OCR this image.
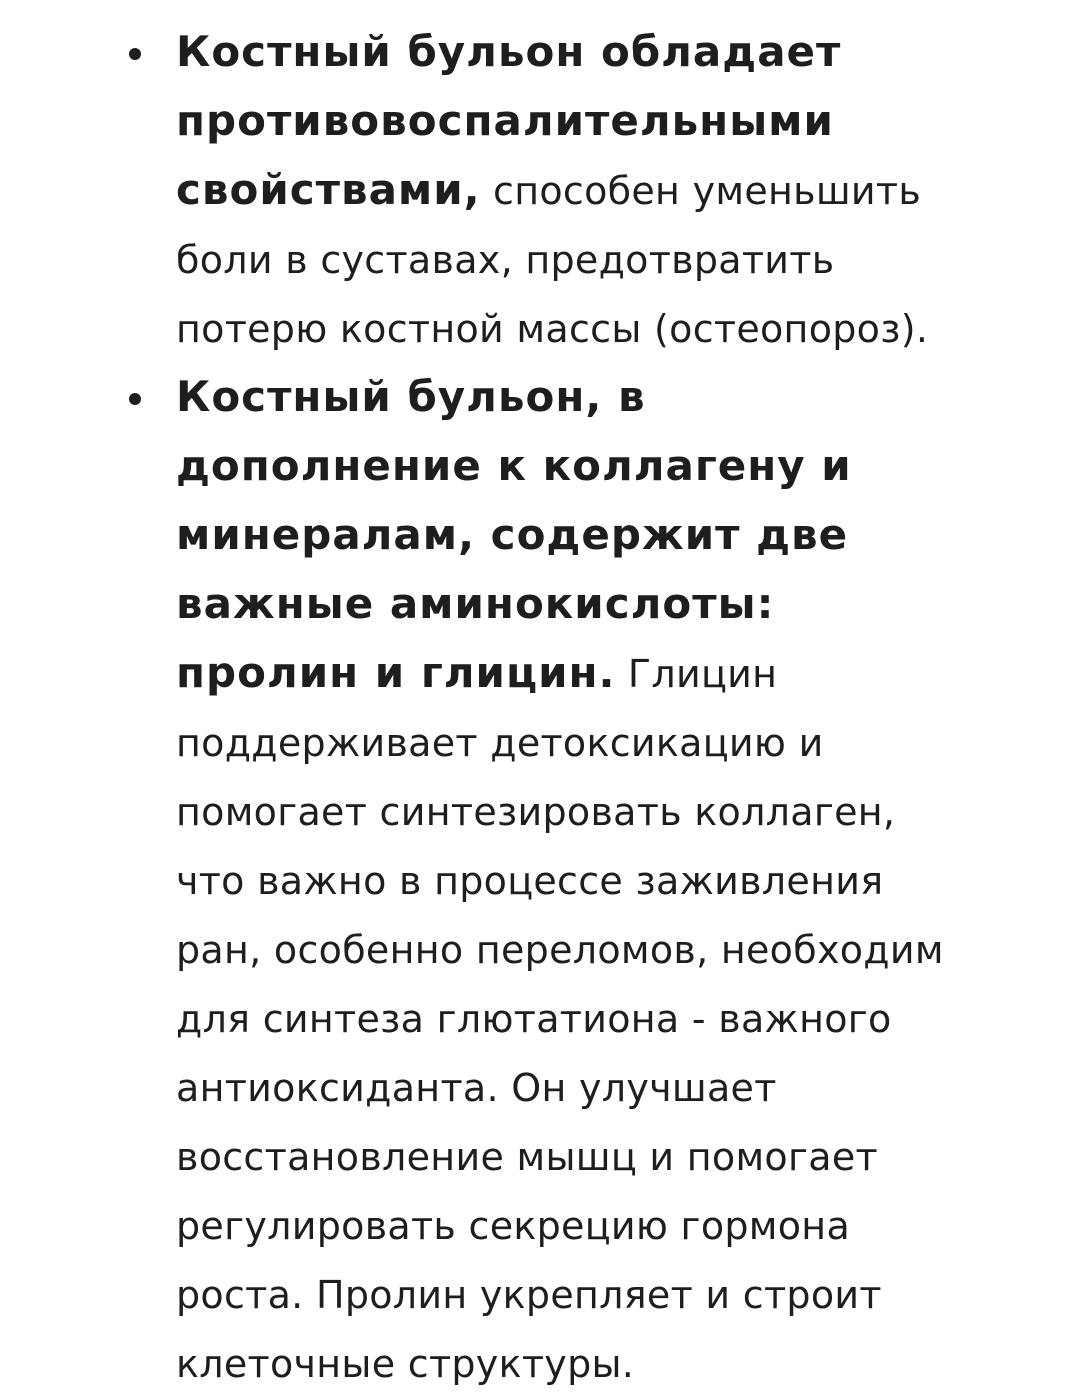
Костный бульон обладает
противовоспалительными
свойствами, способен уменьшить
боли в суставах, предотвратить
потерю костной массы (остеопороз).
Костный бульон, в
дополнение к коллагену и
минералам, содержит две
важные аминокислоты:
пролин и глицин. Глицин
поддерживает детоксикацию и
помогает синтезировать коллаген,
что важно в процессе заживления
ран, особенно переломов, необходим
для синтеза глютатиона - важного
антиоксиданта. Он улучшает
восстановление мышц и помогает
регулировать секрецию гормона
роста. Пролин укрепляет и строит
клеточные структуры.
